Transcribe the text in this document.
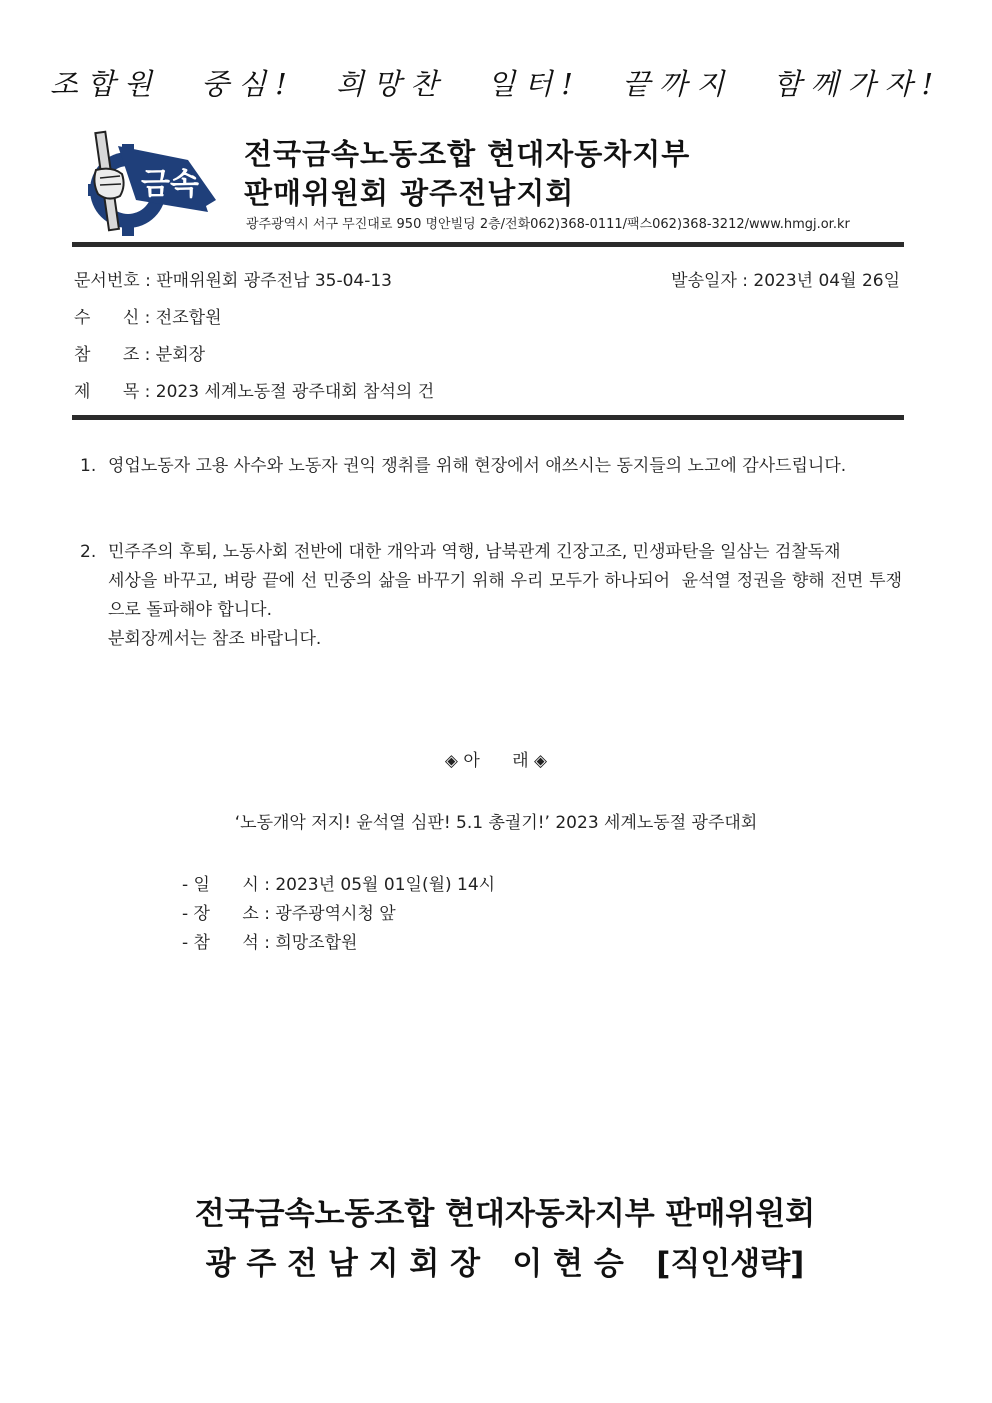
조합원 중심! 희망찬 일터! 끝까지 함께가자!
금속
전국금속노동조합 현대자동차지부
판매위원회 광주전남지회
광주광역시 서구 무진대로 950 명안빌딩 2층/전화062)368-0111/팩스062)368-3212/www.hmgj.or.kr
문서번호 : 판매위원회 광주전남 35-04-13	발송일자 : 2023년 04월 26일
수      신 : 전조합원
참      조 : 분회장
제      목 : 2023 세계노동절 광주대회 참석의 건
1. 영업노동자 고용 사수와 노동자 권익 쟁취를 위해 현장에서 애쓰시는 동지들의 노고에 감사드립니다.
2. 민주주의 후퇴, 노동사회 전반에 대한 개악과 역행, 남북관계 긴장고조, 민생파탄을 일삼는 검찰독재
세상을 바꾸고, 벼랑 끝에 선 민중의 삶을 바꾸기 위해 우리 모두가 하나되어  윤석열 정권을 향해 전면 투쟁으로 돌파해야 합니다.
분회장께서는 참조 바랍니다.
◈ 아      래 ◈
‘노동개악 저지! 윤석열 심판! 5.1 총궐기!’ 2023 세계노동절 광주대회
- 일      시 : 2023년 05월 01일(월) 14시
- 장      소 : 광주광역시청 앞
- 참      석 : 희망조합원
전국금속노동조합 현대자동차지부 판매위원회
광 주 전 남 지 회 장   이 현 승   [직인생략]
